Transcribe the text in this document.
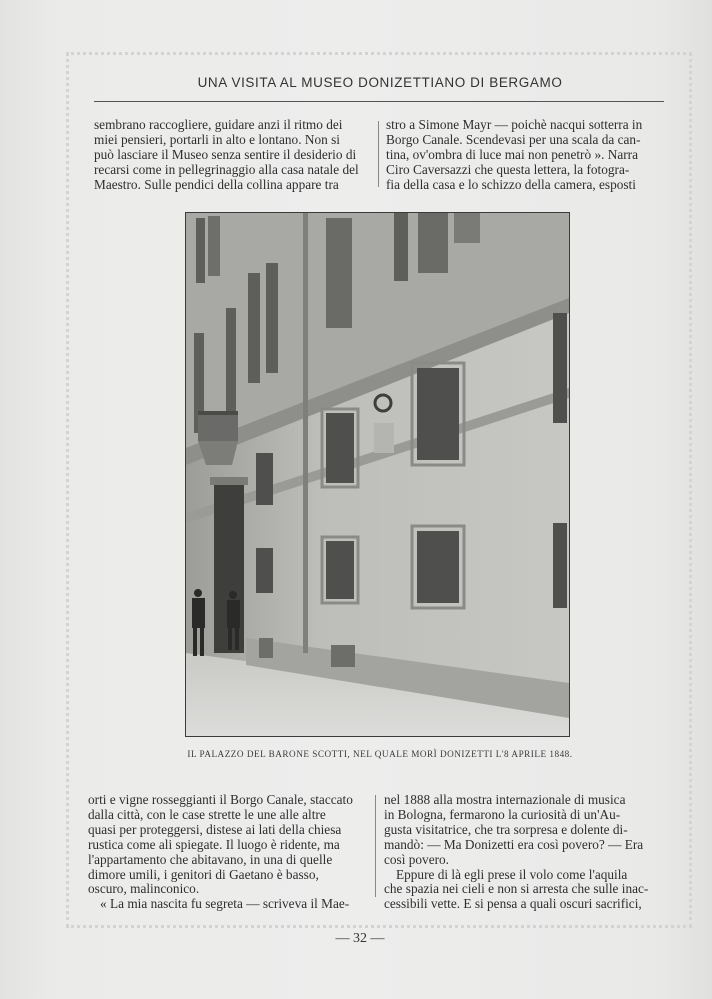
UNA VISITA AL MUSEO DONIZETTIANO DI BERGAMO

sembrano raccogliere, guidare anzi il ritmo dei

miei pensieri, portarli in alto e lontano. Non si

può lasciare il Museo senza sentire il desiderio di

recarsi come in pellegrinaggio alla casa natale del

Maestro. Sulle pendici della collina appare tra

stro a Simone Mayr — poichè nacqui sotterra in

Borgo Canale. Scendevasi per una scala da can-

tina, ov'ombra di luce mai non penetrò ». Narra

Ciro Caversazzi che questa lettera, la fotogra-

fia della casa e lo schizzo della camera, esposti

IL PALAZZO DEL BARONE SCOTTI, NEL QUALE MORÌ DONIZETTI L'8 APRILE 1848.

orti e vigne rosseggianti il Borgo Canale, staccato

dalla città, con le case strette le une alle altre

quasi per proteggersi, distese ai lati della chiesa

rustica come ali spiegate. Il luogo è ridente, ma

l'appartamento che abitavano, in una di quelle

dimore umili, i genitori di Gaetano è basso,

oscuro, malinconico.

« La mia nascita fu segreta — scriveva il Mae-

nel 1888 alla mostra internazionale di musica

in Bologna, fermarono la curiosità di un'Au-

gusta visitatrice, che tra sorpresa e dolente di-

mandò: — Ma Donizetti era così povero? — Era

così povero.

Eppure di là egli prese il volo come l'aquila

che spazia nei cieli e non si arresta che sulle inac-

cessibili vette. E si pensa a quali oscuri sacrifici,

— 32 —
